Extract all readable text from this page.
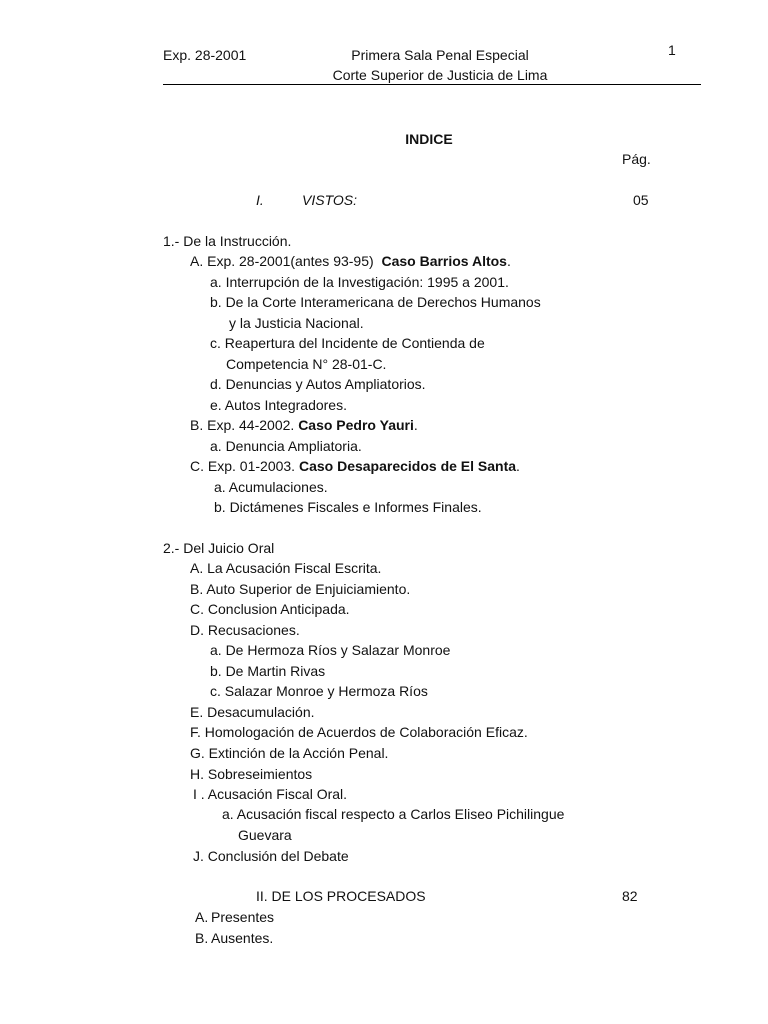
Exp. 28-2001	Primera Sala Penal Especial
Corte Superior de Justicia de Lima
1
INDICE
Pág.
I.	VISTOS:	05
1.- De la Instrucción.
A. Exp. 28-2001(antes 93-95) Caso Barrios Altos.
a. Interrupción de la Investigación: 1995 a 2001.
b. De la Corte Interamericana de Derechos Humanos
y la Justicia Nacional.
c. Reapertura del Incidente de Contienda de
Competencia N° 28-01-C.
d. Denuncias y Autos Ampliatorios.
e. Autos Integradores.
B. Exp. 44-2002. Caso Pedro Yauri.
a. Denuncia Ampliatoria.
C. Exp. 01-2003. Caso Desaparecidos de El Santa.
a. Acumulaciones.
b. Dictámenes Fiscales e Informes Finales.
2.- Del Juicio Oral
A. La Acusación Fiscal Escrita.
B. Auto Superior de Enjuiciamiento.
C. Conclusion Anticipada.
D. Recusaciones.
a. De Hermoza Ríos y Salazar Monroe
b. De Martin Rivas
c. Salazar Monroe y Hermoza Ríos
E. Desacumulación.
F. Homologación de Acuerdos de Colaboración Eficaz.
G. Extinción de la Acción Penal.
H. Sobreseimientos
I . Acusación Fiscal Oral.
a. Acusación fiscal respecto a Carlos Eliseo Pichilingue
Guevara
J. Conclusión del Debate
II. DE LOS PROCESADOS	82
A. Presentes
B. Ausentes.
